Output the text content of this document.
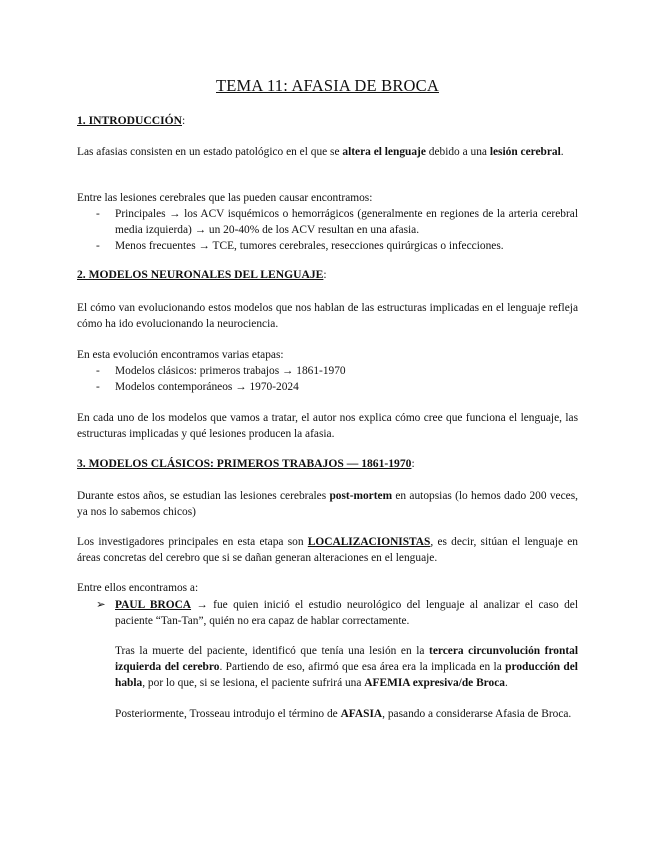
TEMA 11: AFASIA DE BROCA
1. INTRODUCCIÓN:
Las afasias consisten en un estado patológico en el que se altera el lenguaje debido a una lesión cerebral.
Entre las lesiones cerebrales que las pueden causar encontramos:
- Principales → los ACV isquémicos o hemorrágicos (generalmente en regiones de la arteria cerebral media izquierda) → un 20-40% de los ACV resultan en una afasia.
- Menos frecuentes → TCE, tumores cerebrales, resecciones quirúrgicas o infecciones.
2. MODELOS NEURONALES DEL LENGUAJE:
El cómo van evolucionando estos modelos que nos hablan de las estructuras implicadas en el lenguaje refleja cómo ha ido evolucionando la neurociencia.
En esta evolución encontramos varias etapas:
- Modelos clásicos: primeros trabajos → 1861-1970
- Modelos contemporáneos → 1970-2024
En cada uno de los modelos que vamos a tratar, el autor nos explica cómo cree que funciona el lenguaje, las estructuras implicadas y qué lesiones producen la afasia.
3. MODELOS CLÁSICOS: PRIMEROS TRABAJOS — 1861-1970:
Durante estos años, se estudian las lesiones cerebrales post-mortem en autopsias (lo hemos dado 200 veces, ya nos lo sabemos chicos)
Los investigadores principales en esta etapa son LOCALIZACIONISTAS, es decir, sitúan el lenguaje en áreas concretas del cerebro que si se dañan generan alteraciones en el lenguaje.
Entre ellos encontramos a:
➢ PAUL BROCA → fue quien inició el estudio neurológico del lenguaje al analizar el caso del paciente “Tan-Tan”, quién no era capaz de hablar correctamente.
Tras la muerte del paciente, identificó que tenía una lesión en la tercera circunvolución frontal izquierda del cerebro. Partiendo de eso, afirmó que esa área era la implicada en la producción del habla, por lo que, si se lesiona, el paciente sufrirá una AFEMIA expresiva/de Broca.
Posteriormente, Trosseau introdujo el término de AFASIA, pasando a considerarse Afasia de Broca.
